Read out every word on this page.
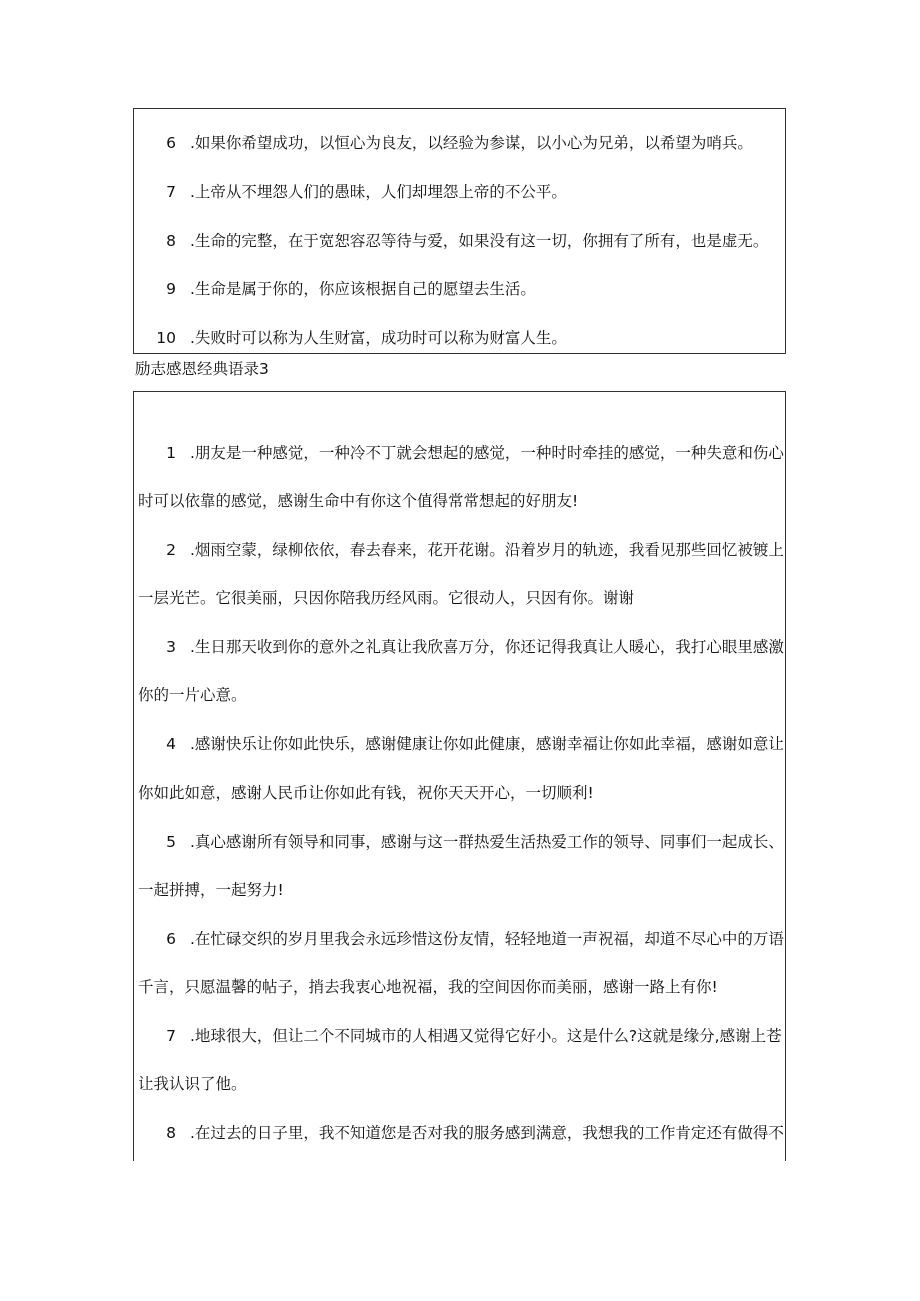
6 .如果你希望成功，以恒心为良友，以经验为参谋，以小心为兄弟，以希望为哨兵。
7 .上帝从不埋怨人们的愚昧，人们却埋怨上帝的不公平。
8 .生命的完整，在于宽恕容忍等待与爱，如果没有这一切，你拥有了所有，也是虚无。
9 .生命是属于你的，你应该根据自己的愿望去生活。
10 .失败时可以称为人生财富，成功时可以称为财富人生。
励志感恩经典语录3
1 .朋友是一种感觉，一种冷不丁就会想起的感觉，一种时时牵挂的感觉，一种失意和伤心
时可以依靠的感觉，感谢生命中有你这个值得常常想起的好朋友!
2 .烟雨空蒙，绿柳依依，春去春来，花开花谢。沿着岁月的轨迹，我看见那些回忆被镀上
一层光芒。它很美丽，只因你陪我历经风雨。它很动人，只因有你。谢谢
3 .生日那天收到你的意外之礼真让我欣喜万分，你还记得我真让人暖心，我打心眼里感激
你的一片心意。
4 .感谢快乐让你如此快乐，感谢健康让你如此健康，感谢幸福让你如此幸福，感谢如意让
你如此如意，感谢人民币让你如此有钱，祝你天天开心，一切顺利!
5 .真心感谢所有领导和同事，感谢与这一群热爱生活热爱工作的领导、同事们一起成长、
一起拼搏，一起努力!
6 .在忙碌交织的岁月里我会永远珍惜这份友情，轻轻地道一声祝福，却道不尽心中的万语
千言，只愿温馨的帖子，捎去我衷心地祝福，我的空间因你而美丽，感谢一路上有你!
7 .地球很大，但让二个不同城市的人相遇又觉得它好小。这是什么?这就是缘分,感谢上苍
让我认识了他。
8 .在过去的日子里，我不知道您是否对我的服务感到满意，我想我的工作肯定还有做得不
